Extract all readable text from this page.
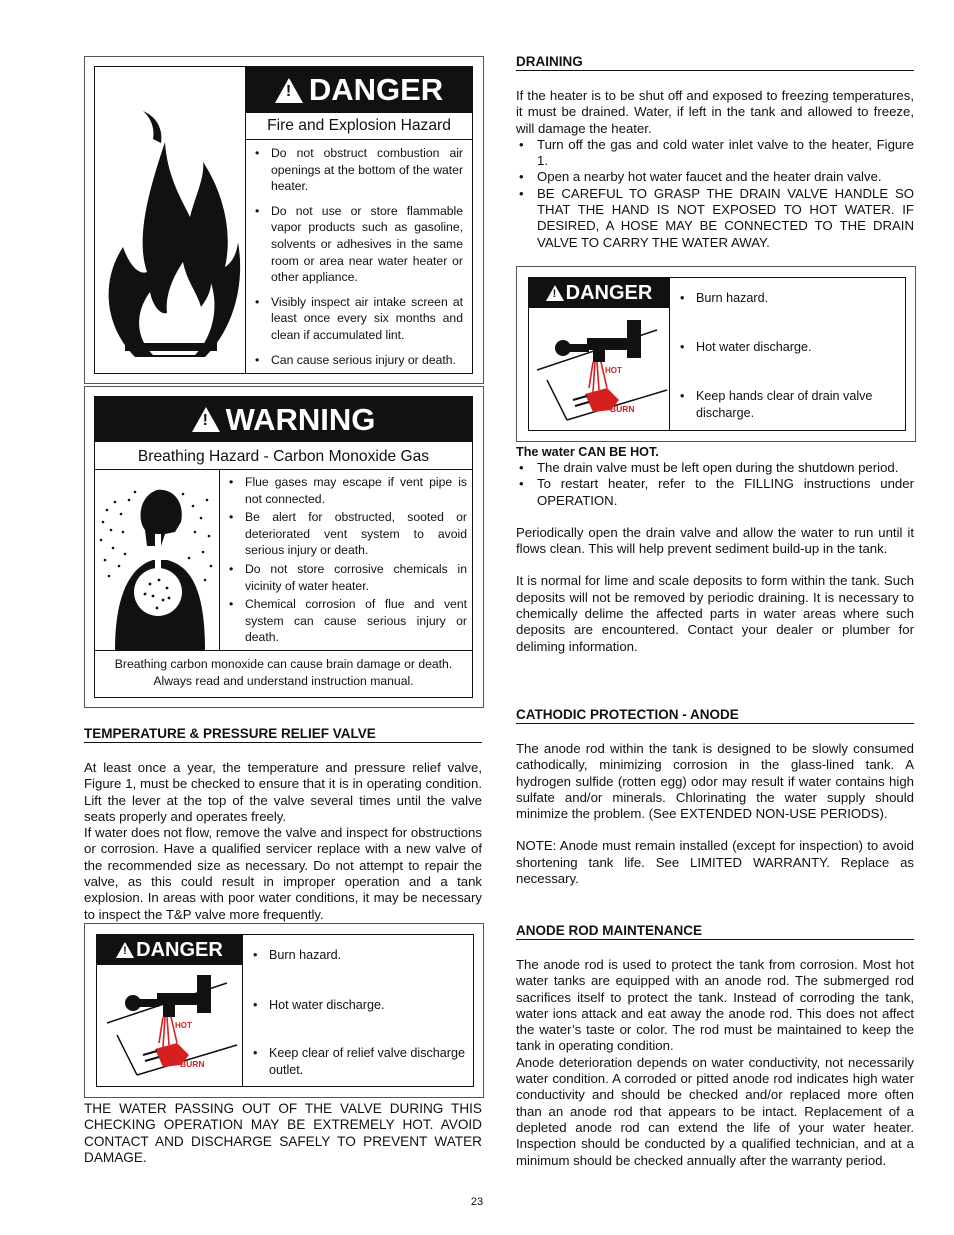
! DANGER
Fire and Explosion Hazard
• Do not obstruct combustion air openings at the bottom of the water heater.
• Do not use or store flammable vapor products such as gasoline, solvents or adhesives in the same room or area near water heater or other appliance.
• Visibly inspect air intake screen at least once every six months and clean if accumulated lint.
• Can cause serious injury or death.
! WARNING
Breathing Hazard - Carbon Monoxide Gas
• Flue gases may escape if vent pipe is not connected.
• Be alert for obstructed, sooted or deteriorated vent system to avoid serious injury or death.
• Do not store corrosive chemicals in vicinity of water heater.
• Chemical corrosion of flue and vent system can cause serious injury or death.
Breathing carbon monoxide can cause brain damage or death.
Always read and understand instruction manual.
TEMPERATURE & PRESSURE RELIEF VALVE

At least once a year, the temperature and pressure relief valve, Figure 1, must be checked to ensure that it is in operating condition. Lift the lever at the top of the valve several times until the valve seats properly and operates freely.

If water does not flow, remove the valve and inspect for obstructions or corrosion. Have a qualified servicer replace with a new valve of the recommended size as necessary. Do not attempt to repair the valve, as this could result in improper operation and a tank explosion. In areas with poor water conditions, it may be necessary to inspect the T&P valve more frequently.

! DANGER
HOT
BURN
• Burn hazard.
• Hot water discharge.
• Keep clear of relief valve discharge outlet.

THE WATER PASSING OUT OF THE VALVE DURING THIS CHECKING OPERATION MAY BE EXTREMELY HOT. AVOID CONTACT AND DISCHARGE SAFELY TO PREVENT WATER DAMAGE.

DRAINING

If the heater is to be shut off and exposed to freezing temperatures, it must be drained. Water, if left in the tank and allowed to freeze, will damage the heater.

• Turn off the gas and cold water inlet valve to the heater, Figure 1.
• Open a nearby hot water faucet and the heater drain valve.
• BE CAREFUL TO GRASP THE DRAIN VALVE HANDLE SO THAT THE HAND IS NOT EXPOSED TO HOT WATER. IF DESIRED, A HOSE MAY BE CONNECTED TO THE DRAIN VALVE TO CARRY THE WATER AWAY.
! DANGER
HOT
BURN
• Burn hazard.
• Hot water discharge.
• Keep hands clear of drain valve discharge.
The water CAN BE HOT.
• The drain valve must be left open during the shutdown period.
• To restart heater, refer to the FILLING instructions under OPERATION.

Periodically open the drain valve and allow the water to run until it flows clean. This will help prevent sediment build-up in the tank.

It is normal for lime and scale deposits to form within the tank. Such deposits will not be removed by periodic draining. It is necessary to chemically delime the affected parts in water areas where such deposits are encountered. Contact your dealer or plumber for deliming information.

CATHODIC PROTECTION - ANODE

The anode rod within the tank is designed to be slowly consumed cathodically, minimizing corrosion in the glass-lined tank. A hydrogen sulfide (rotten egg) odor may result if water contains high sulfate and/or minerals. Chlorinating the water supply should minimize the problem. (See EXTENDED NON-USE PERIODS).

NOTE: Anode must remain installed (except for inspection) to avoid shortening tank life. See LIMITED WARRANTY. Replace as necessary.

ANODE ROD MAINTENANCE

The anode rod is used to protect the tank from corrosion. Most hot water tanks are equipped with an anode rod. The submerged rod sacrifices itself to protect the tank. Instead of corroding the tank, water ions attack and eat away the anode rod. This does not affect the water’s taste or color. The rod must be maintained to keep the tank in operating condition.

Anode deterioration depends on water conductivity, not necessarily water condition. A corroded or pitted anode rod indicates high water conductivity and should be checked and/or replaced more often than an anode rod that appears to be intact. Replacement of a depleted anode rod can extend the life of your water heater. Inspection should be conducted by a qualified technician, and at a minimum should be checked annually after the warranty period.

23
